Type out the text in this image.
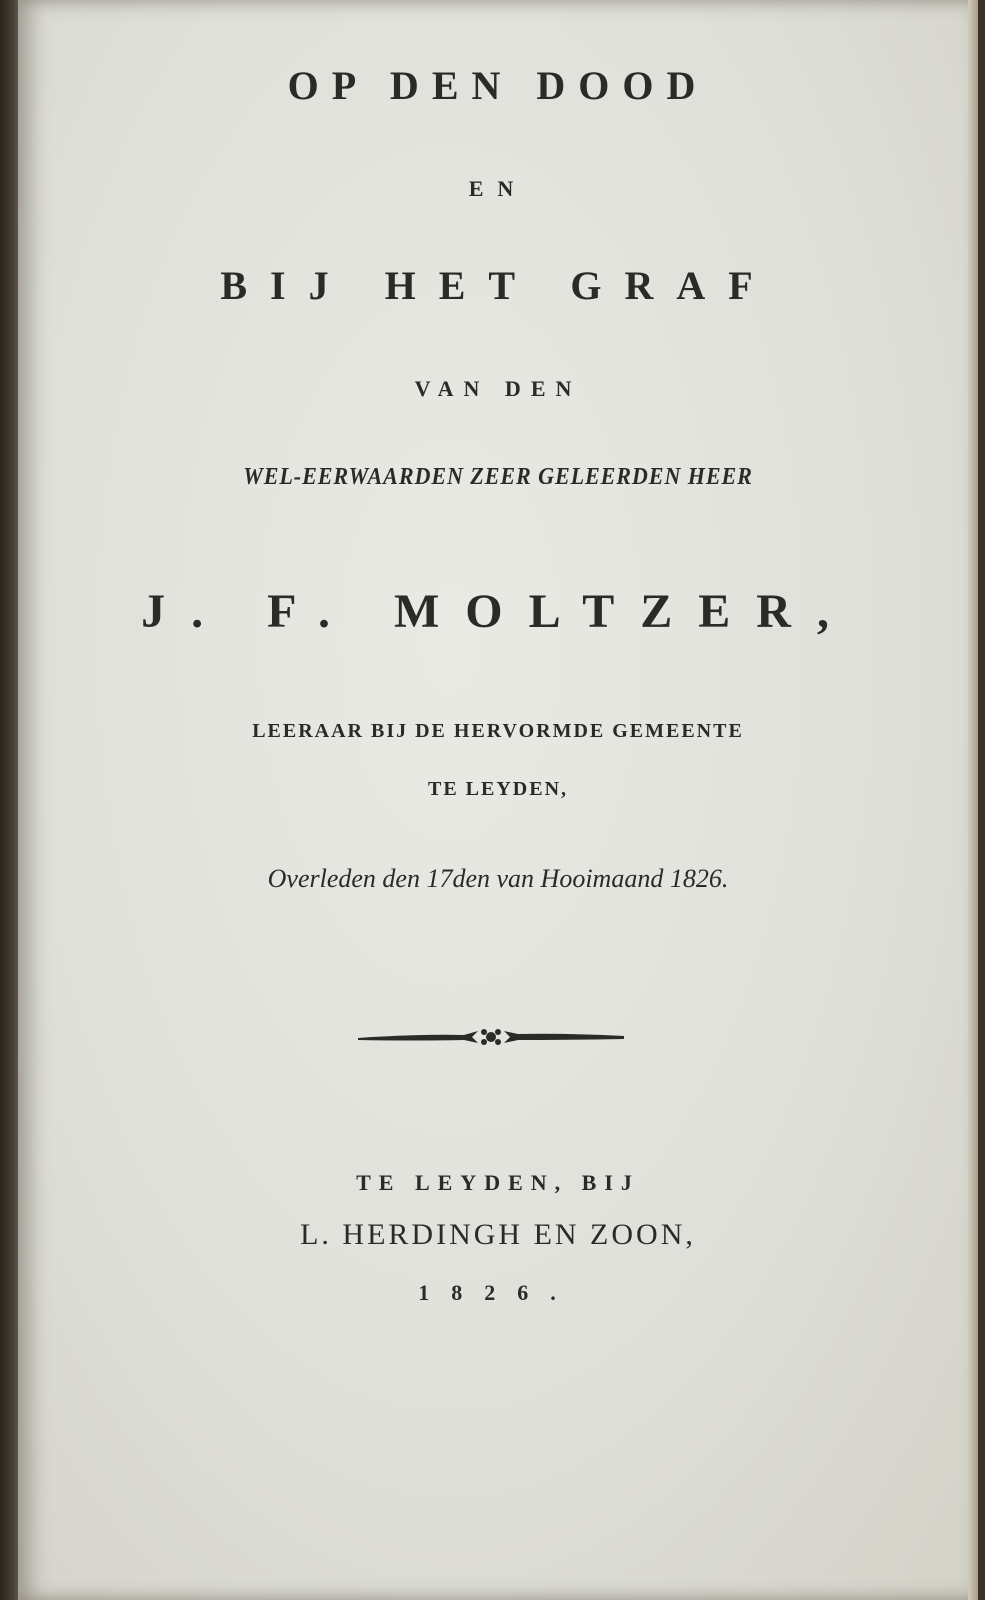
OP DEN DOOD
EN
BIJ HET GRAF
VAN DEN
WEL-EERWAARDEN ZEER GELEERDEN HEER
J. F. MOLTZER,
LEERAAR BIJ DE HERVORMDE GEMEENTE
TE LEYDEN,
Overleden den 17den van Hooimaand 1826.
TE LEYDEN, BIJ
L. HERDINGH EN ZOON,
1826.
